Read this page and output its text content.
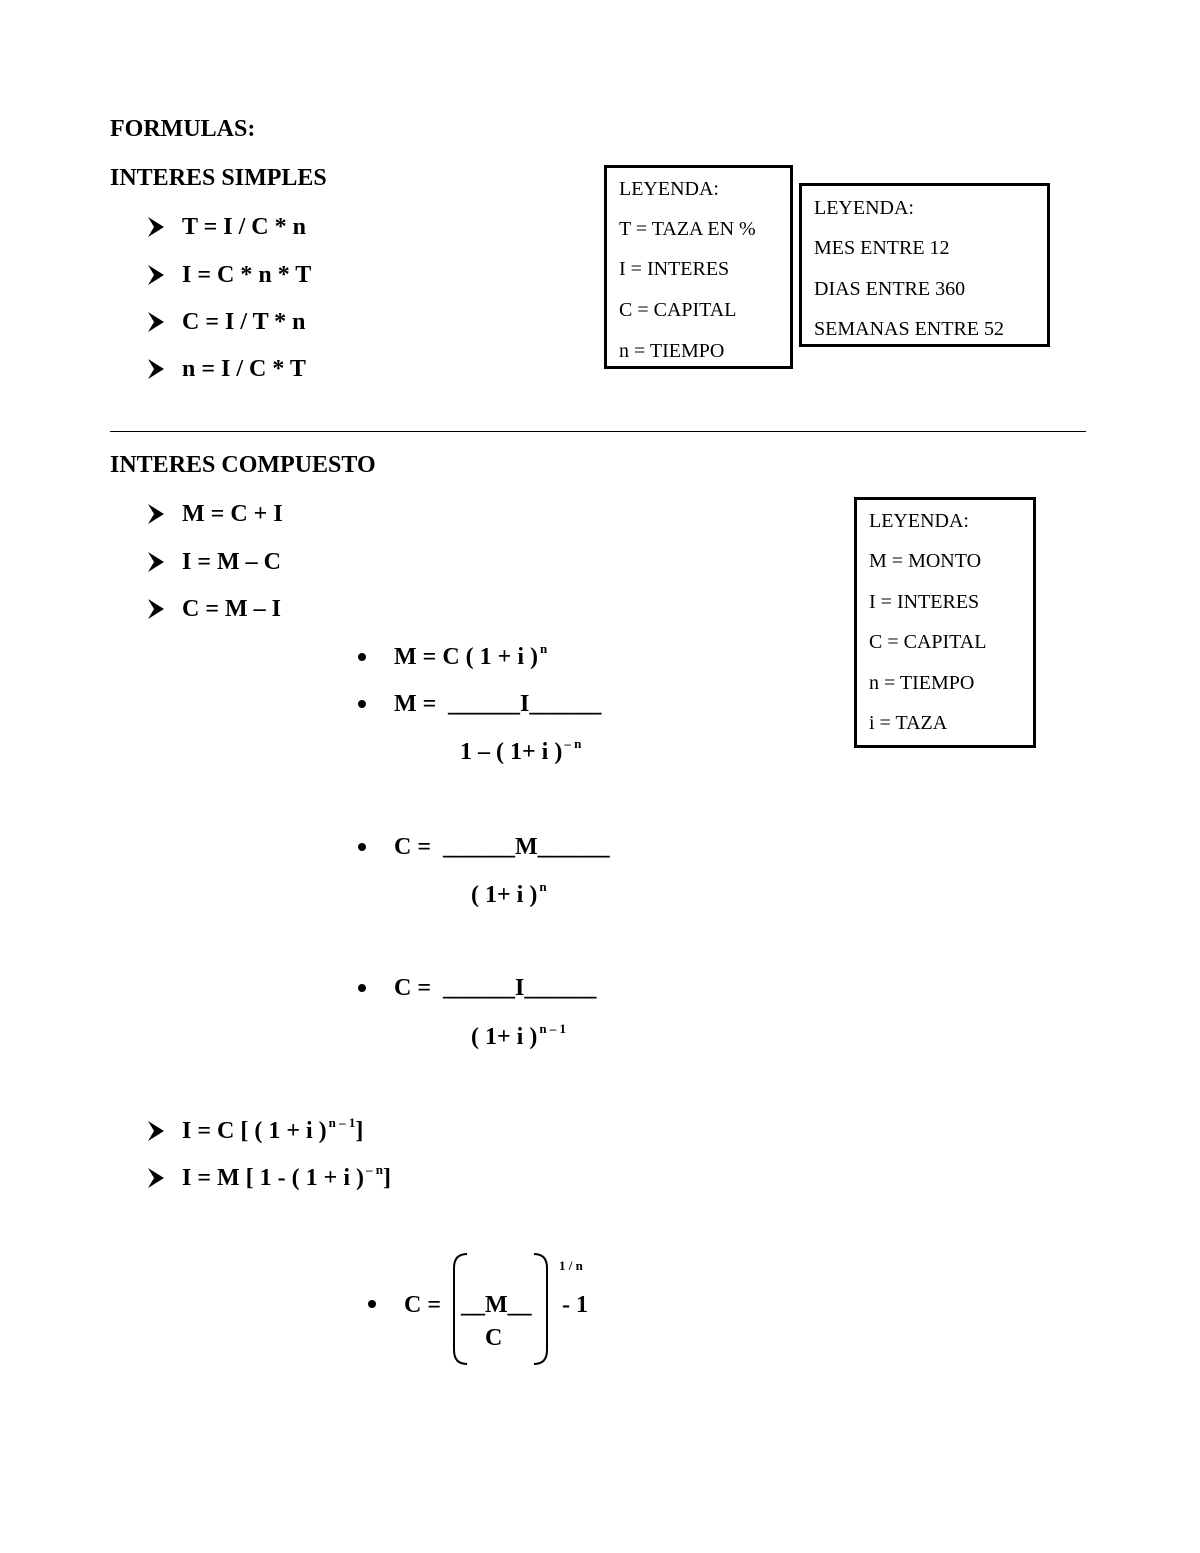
FORMULAS:
INTERES SIMPLES
T = I / C * n
I = C * n * T
C = I / T * n
n = I / C * T
LEYENDA:
T = TAZA EN %
I = INTERES
C = CAPITAL
n = TIEMPO
LEYENDA:
MES ENTRE 12
DIAS ENTRE 360
SEMANAS ENTRE 52
INTERES COMPUESTO
M = C + I
I = M – C
C = M – I
M = C ( 1 + i ) $^n$
M = ______I______
1 – ( 1+ i ) $^{- n}$
C = ______M______
( 1+ i ) $^n$
C = ______I______
( 1+ i ) $^{n - 1}$
I = C [ ( 1 + i ) $^{n - 1}$]
I = M [ 1 - ( 1 + i ) $^{- n}$]
C = __M__
C
1 / n
- 1
LEYENDA:
M = MONTO
I = INTERES
C = CAPITAL
n = TIEMPO
i = TAZA
